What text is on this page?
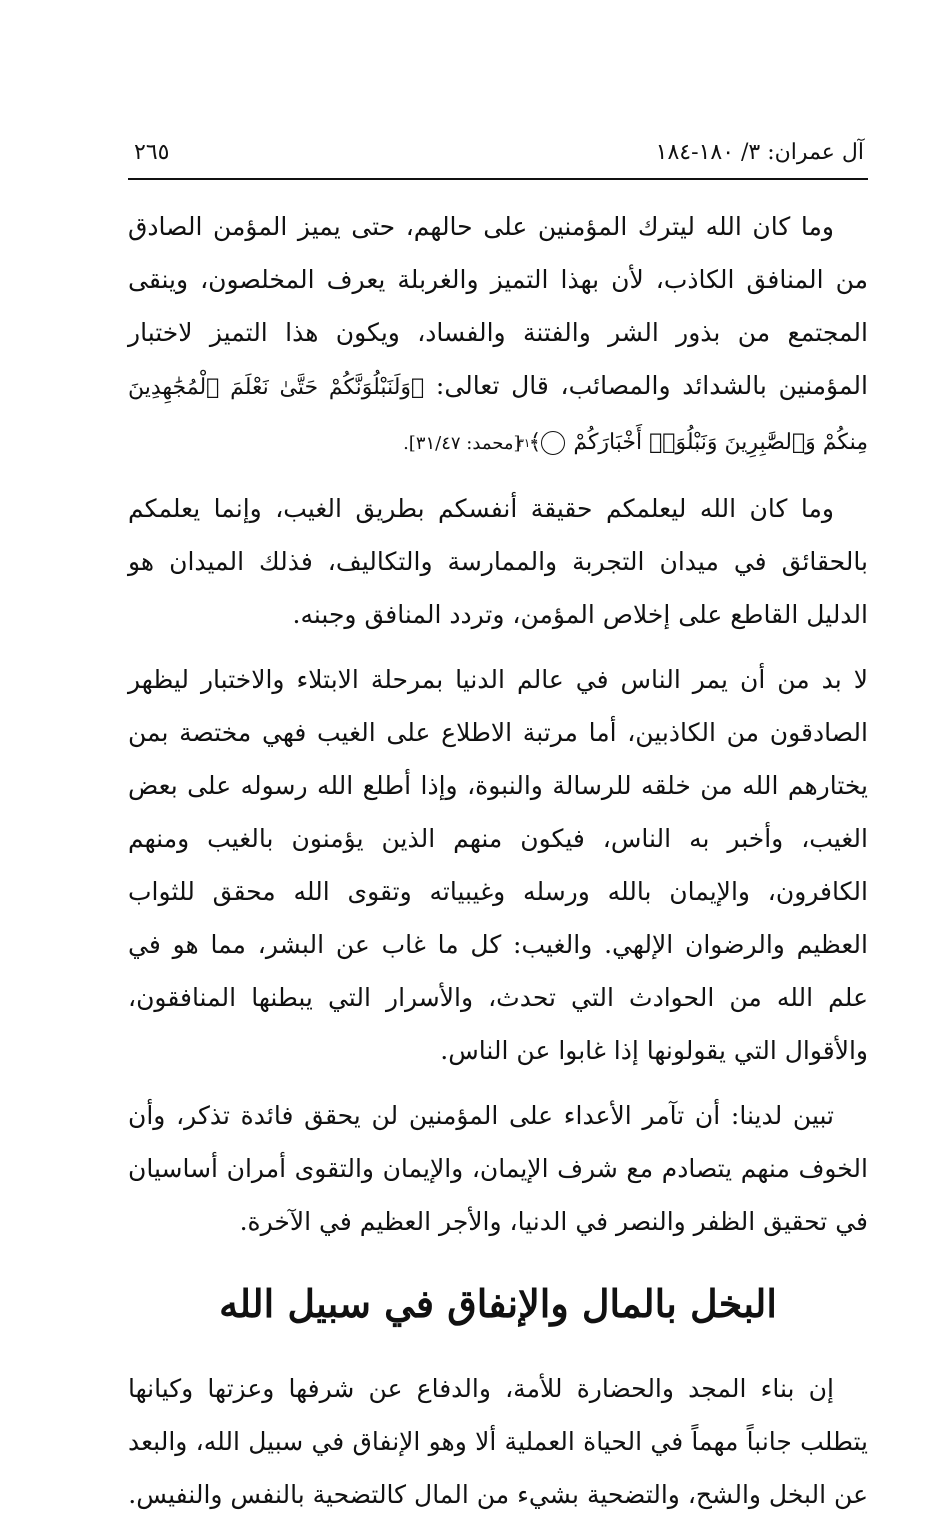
آل عمران: ٣/ ١٨٠-١٨٤
٢٦٥

وما كان الله ليترك المؤمنين على حالهم، حتى يميز المؤمن الصادق من المنافق الكاذب، لأن بهذا التميز والغربلة يعرف المخلصون، وينقى المجتمع من بذور الشر والفتنة والفساد، ويكون هذا التميز لاختبار المؤمنين بالشدائد والمصائب، قال تعالى: ﴿وَلَنَبْلُوَنَّكُمْ حَتَّىٰ نَعْلَمَ ٱلْمُجَٰهِدِينَ مِنكُمْ وَٱلصَّٰبِرِينَ وَنَبْلُوَا۟ أَخْبَارَكُمْ ٣١﴾ [محمد: ٣١/٤٧].

وما كان الله ليعلمكم حقيقة أنفسكم بطريق الغيب، وإنما يعلمكم بالحقائق في ميدان التجربة والممارسة والتكاليف، فذلك الميدان هو الدليل القاطع على إخلاص المؤمن، وتردد المنافق وجبنه.

لا بد من أن يمر الناس في عالم الدنيا بمرحلة الابتلاء والاختبار ليظهر الصادقون من الكاذبين، أما مرتبة الاطلاع على الغيب فهي مختصة بمن يختارهم الله من خلقه للرسالة والنبوة، وإذا أطلع الله رسوله على بعض الغيب، وأخبر به الناس، فيكون منهم الذين يؤمنون بالغيب ومنهم الكافرون، والإيمان بالله ورسله وغيبياته وتقوى الله محقق للثواب العظيم والرضوان الإلهي. والغيب: كل ما غاب عن البشر، مما هو في علم الله من الحوادث التي تحدث، والأسرار التي يبطنها المنافقون، والأقوال التي يقولونها إذا غابوا عن الناس.

تبين لدينا: أن تآمر الأعداء على المؤمنين لن يحقق فائدة تذكر، وأن الخوف منهم يتصادم مع شرف الإيمان، والإيمان والتقوى أمران أساسيان في تحقيق الظفر والنصر في الدنيا، والأجر العظيم في الآخرة.

البخل بالمال والإنفاق في سبيل الله

إن بناء المجد والحضارة للأمة، والدفاع عن شرفها وعزتها وكيانها يتطلب جانباً مهماً في الحياة العملية ألا وهو الإنفاق في سبيل الله، والبعد عن البخل والشح، والتضحية بشيء من المال كالتضحية بالنفس والنفيس.
